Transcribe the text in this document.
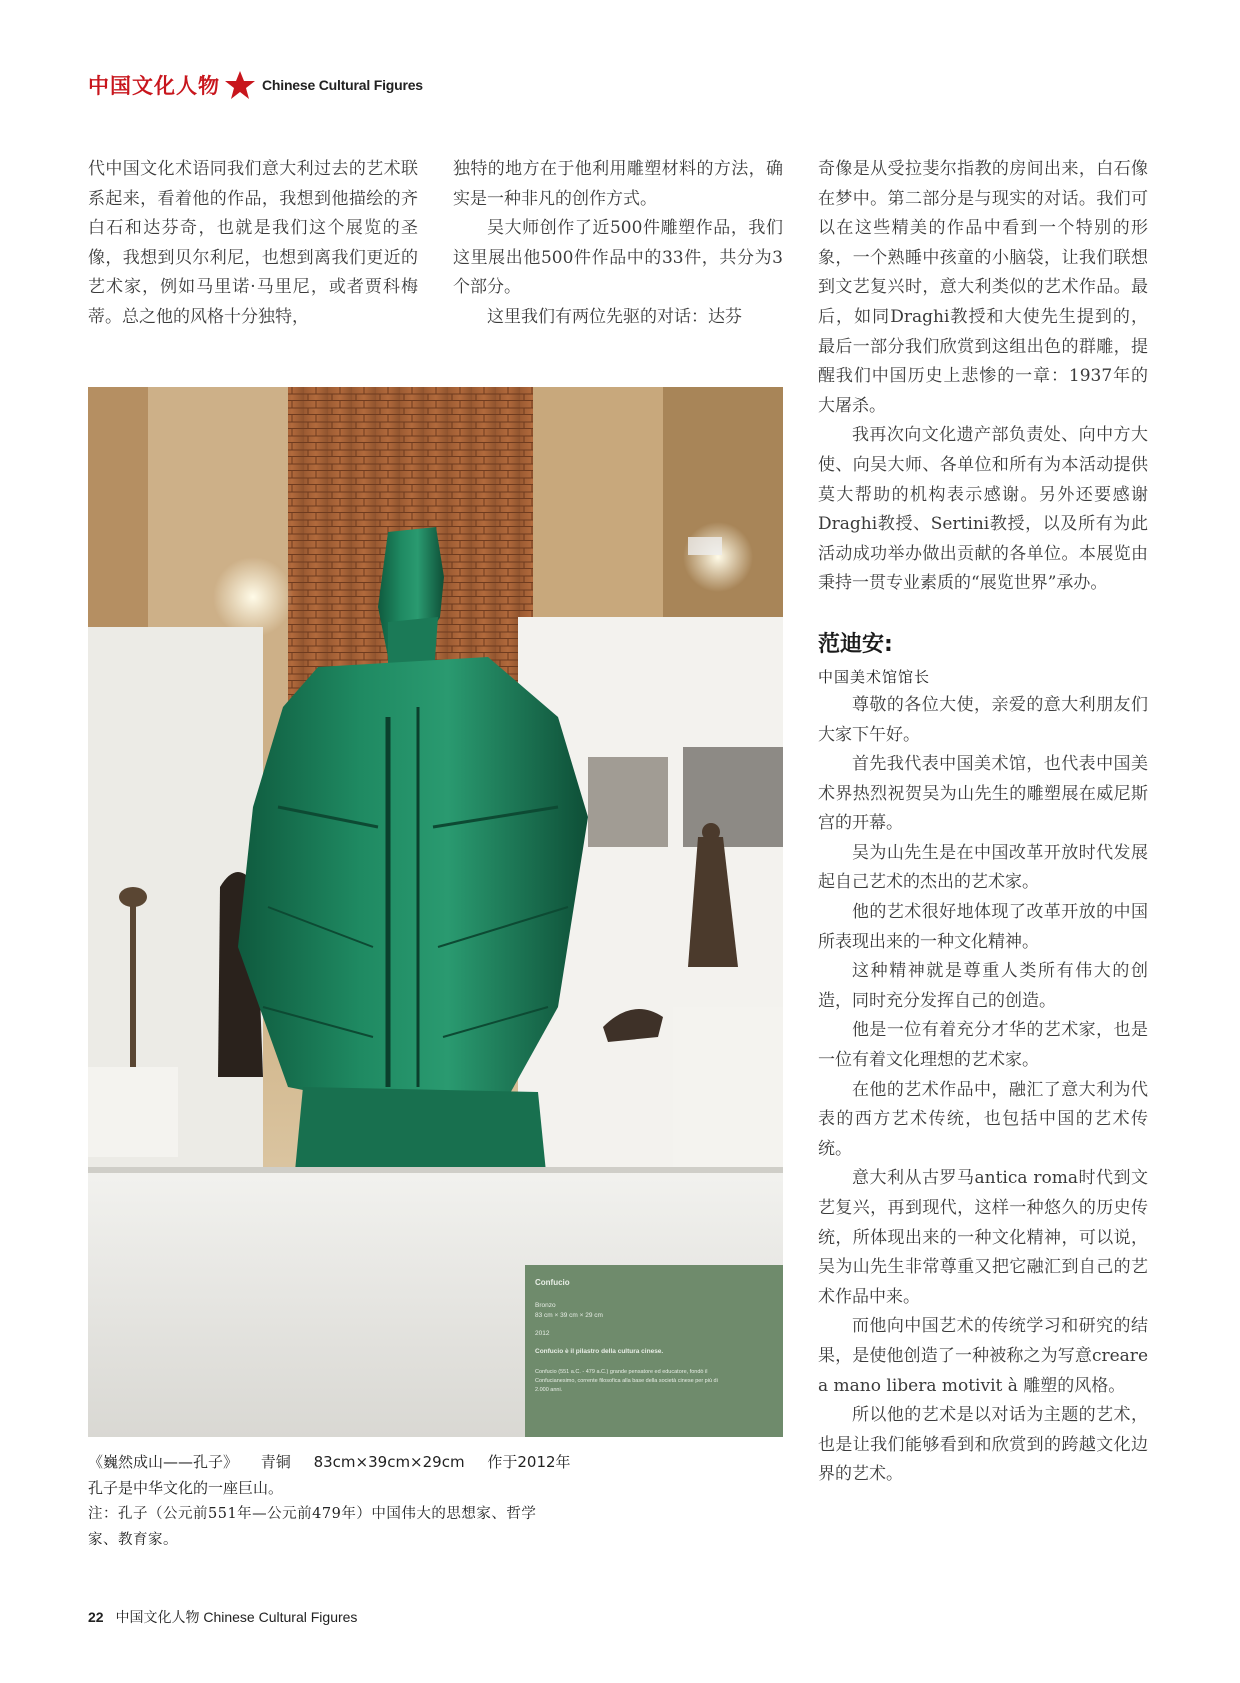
中国文化人物	Chinese Cultural Figures

代中国文化术语同我们意大利过去的艺术联系起来，看着他的作品，我想到他描绘的齐白石和达芬奇，也就是我们这个展览的圣像，我想到贝尔利尼，也想到离我们更近的艺术家，例如马里诺·马里尼，或者贾科梅蒂。总之他的风格十分独特，

独特的地方在于他利用雕塑材料的方法，确实是一种非凡的创作方式。

吴大师创作了近500件雕塑作品，我们这里展出他500件作品中的33件，共分为3个部分。

这里我们有两位先驱的对话：达芬

奇像是从受拉斐尔指教的房间出来，白石像在梦中。第二部分是与现实的对话。我们可以在这些精美的作品中看到一个特别的形象，一个熟睡中孩童的小脑袋，让我们联想到文艺复兴时，意大利类似的艺术作品。最后，如同Draghi教授和大使先生提到的，最后一部分我们欣赏到这组出色的群雕，提醒我们中国历史上悲惨的一章：1937年的大屠杀。

我再次向文化遗产部负责处、向中方大使、向吴大师、各单位和所有为本活动提供莫大帮助的机构表示感谢。另外还要感谢Draghi教授、Sertini教授，以及所有为此活动成功举办做出贡献的各单位。本展览由秉持一贯专业素质的“展览世界”承办。

范迪安:
中国美术馆馆长

尊敬的各位大使，亲爱的意大利朋友们大家下午好。

首先我代表中国美术馆，也代表中国美术界热烈祝贺吴为山先生的雕塑展在威尼斯宫的开幕。

吴为山先生是在中国改革开放时代发展起自己艺术的杰出的艺术家。

他的艺术很好地体现了改革开放的中国所表现出来的一种文化精神。

这种精神就是尊重人类所有伟大的创造，同时充分发挥自己的创造。

他是一位有着充分才华的艺术家，也是一位有着文化理想的艺术家。

在他的艺术作品中，融汇了意大利为代表的西方艺术传统，也包括中国的艺术传统。

意大利从古罗马antica roma时代到文艺复兴，再到现代，这样一种悠久的历史传统，所体现出来的一种文化精神，可以说，吴为山先生非常尊重又把它融汇到自己的艺术作品中来。

而他向中国艺术的传统学习和研究的结果，是使他创造了一种被称之为写意creare a mano libera motivit à 雕塑的风格。

所以他的艺术是以对话为主题的艺术，也是让我们能够看到和欣赏到的跨越文化边界的艺术。

Confucio
Bronzo
83 cm × 39 cm × 29 cm
2012
Confucio è il pilastro della cultura cinese.
Confucio (551 a.C. - 479 a.C.) grande pensatore ed educatore, fondò il
Confucianesimo, corrente filosofica alla base della società cinese per più di
2.000 anni.
《巍然成山——孔子》 青铜 83cm×39cm×29cm 作于2012年
孔子是中华文化的一座巨山。
注：孔子（公元前551年—公元前479年）中国伟大的思想家、哲学家、教育家。
22 中国文化人物 Chinese Cultural Figures
